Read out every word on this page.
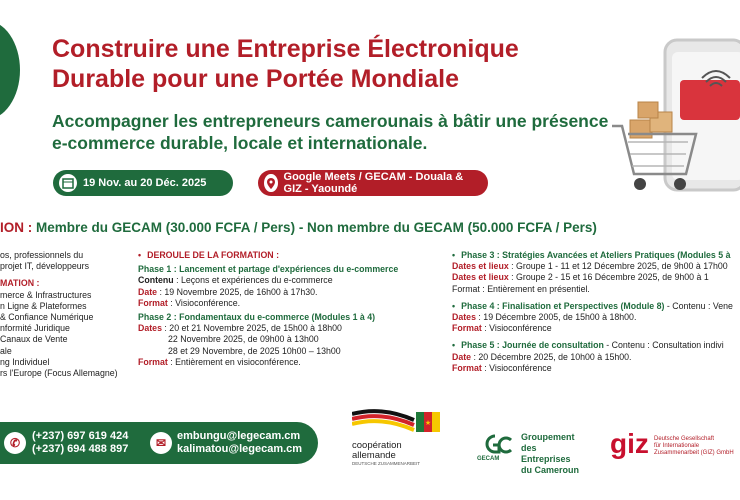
Construire une Entreprise Électronique
Durable pour une Portée Mondiale
Accompagner les entrepreneurs camerounais à bâtir une présence
e-commerce durable, locale et internationale.
19 Nov. au 20 Déc. 2025	Google Meets / GECAM - Douala & GIZ - Yaoundé
ION : Membre du GECAM (30.000 FCFA / Pers) - Non membre du GECAM (50.000 FCFA / Pers)
os, professionnels du
projet IT, développeurs
MATION :
merce & Infrastructures
n Ligne & Plateformes
& Confiance Numérique
nformité Juridique
Canaux de Vente
ale
ng Individuel
rs l'Europe (Focus Allemagne)
• DEROULE DE LA FORMATION :
Phase 1 : Lancement et partage d'expériences du e-commerce
Contenu : Leçons et expériences du e-commerce
Date : 19 Novembre 2025, de 16h00 à 17h30.
Format : Visioconférence.
Phase 2 : Fondamentaux du e-commerce (Modules 1 à 4)
Dates : 20 et 21 Novembre 2025, de 15h00 à 18h00
22 Novembre 2025, de 09h00 à 13h00
28 et 29 Novembre, de 2025 10h00 – 13h00
Format : Entièrement en visioconférence.
• Phase 3 : Stratégies Avancées et Ateliers Pratiques (Modules 5 à
Dates et lieux : Groupe 1 - 11 et 12 Décembre 2025, de 9h00 à 17h00
Dates et lieux : Groupe 2 - 15 et 16 Décembre 2025, de 9h00 à 1
Format : Entièrement en présentiel.
• Phase 4 : Finalisation et Perspectives (Module 8) - Contenu : Vene
Dates : 19 Décembre 2005, de 15h00 à 18h00.
Format : Visioconférence
• Phase 5 : Journée de consultation - Contenu : Consultation indivi
Date : 20 Décembre 2025, de 10h00 à 15h00.
Format : Visioconférence
✆	(+237) 697 619 424
(+237) 694 488 897	✉ embungu@legecam.cm
kalimatou@legecam.cm
★
coopération
allemande
DEUTSCHE ZUSAMMENARBEIT
GECAM
Groupement
des Entreprises
du Cameroun
giz Deutsche Gesellschaft
für Internationale
Zusammenarbeit (GIZ) GmbH
